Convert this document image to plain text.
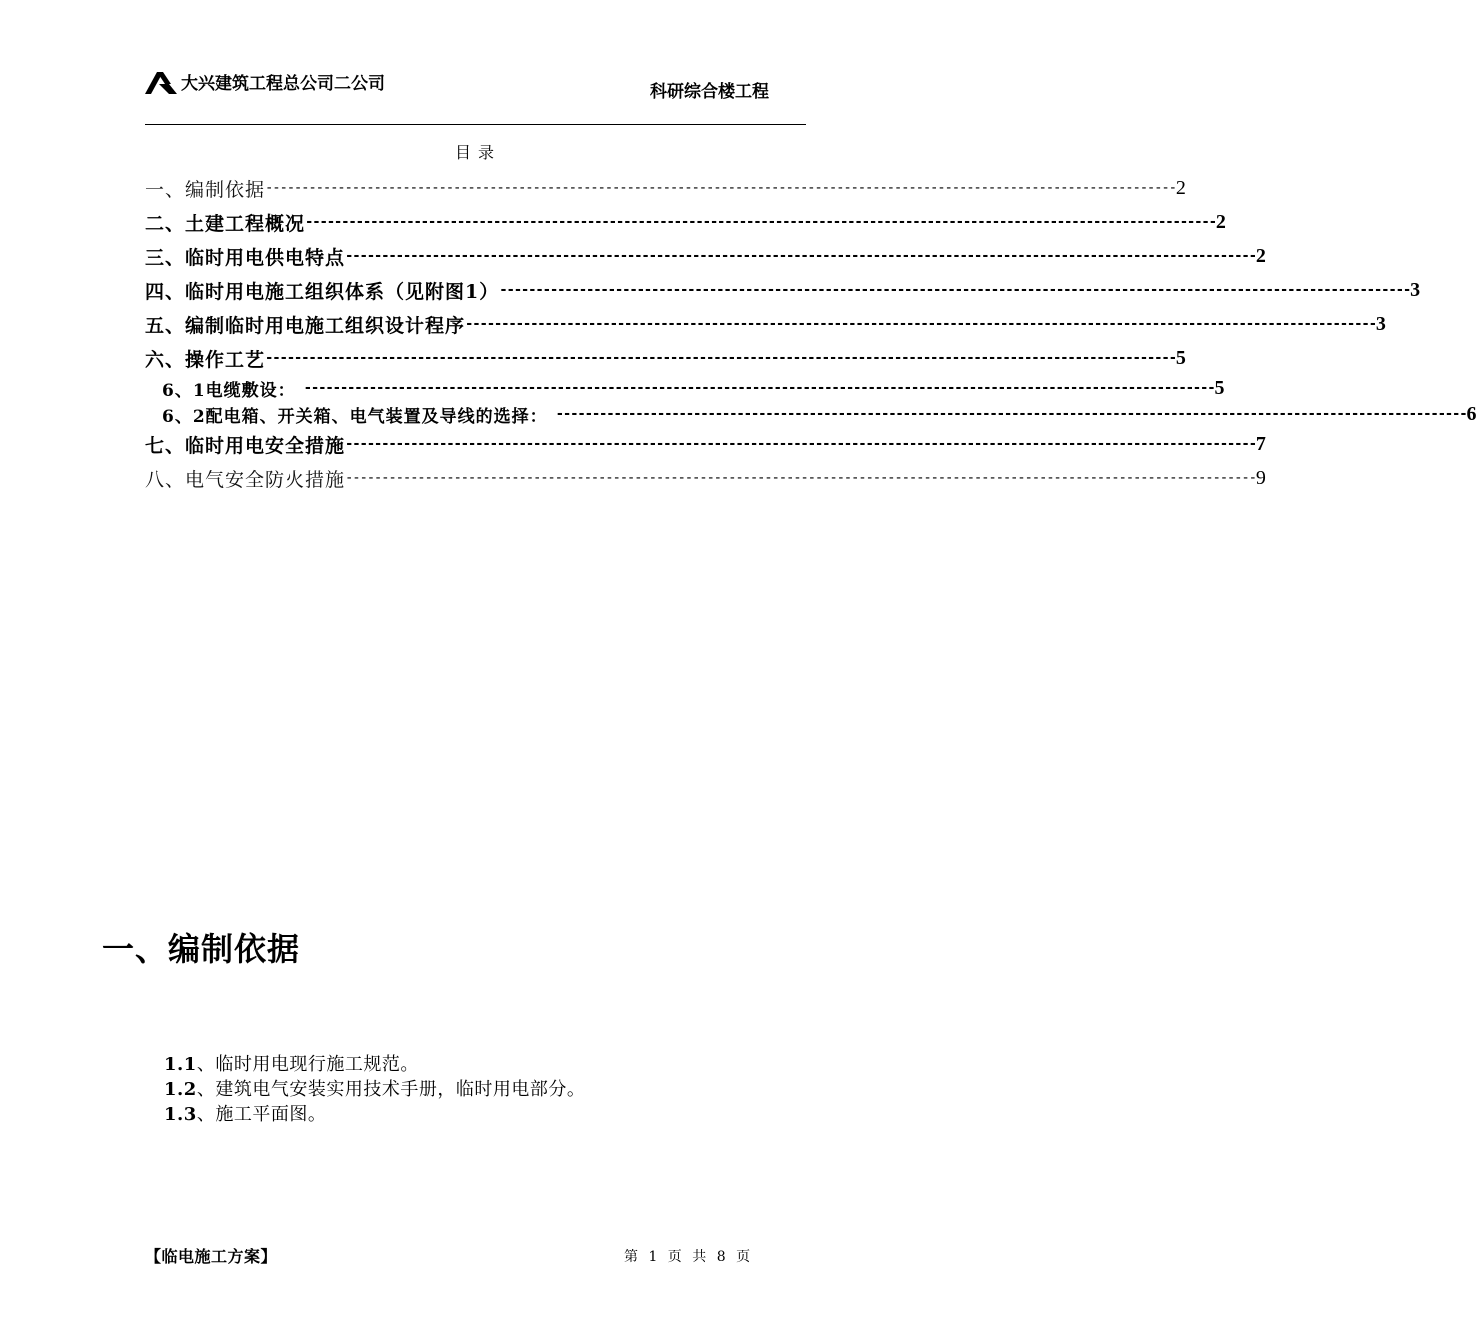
大兴建筑工程总公司二公司	科研综合楼工程
目 录
一、编制依据 ------------------------------------------------------------------------------------------------------------------------------ 2
二、土建工程概况 ------------------------------------------------------------------------------------------------------------------------------ 2
三、临时用电供电特点 ------------------------------------------------------------------------------------------------------------------------------ 2
四、临时用电施工组织体系（见附图1） ------------------------------------------------------------------------------------------------------------------------------ 3
五、编制临时用电施工组织设计程序 ------------------------------------------------------------------------------------------------------------------------------ 3
六、操作工艺 ------------------------------------------------------------------------------------------------------------------------------ 5
6、1电缆敷设： ------------------------------------------------------------------------------------------------------------------------------ 5
6、2配电箱、开关箱、电气装置及导线的选择： ------------------------------------------------------------------------------------------------------------------------------ 6
七、临时用电安全措施 ------------------------------------------------------------------------------------------------------------------------------ 7
八、电气安全防火措施 ------------------------------------------------------------------------------------------------------------------------------ 9
一、编制依据
1.1、临时用电现行施工规范。
1.2、建筑电气安装实用技术手册，临时用电部分。
1.3、施工平面图。
【临电施工方案】	第 1 页 共 8 页
